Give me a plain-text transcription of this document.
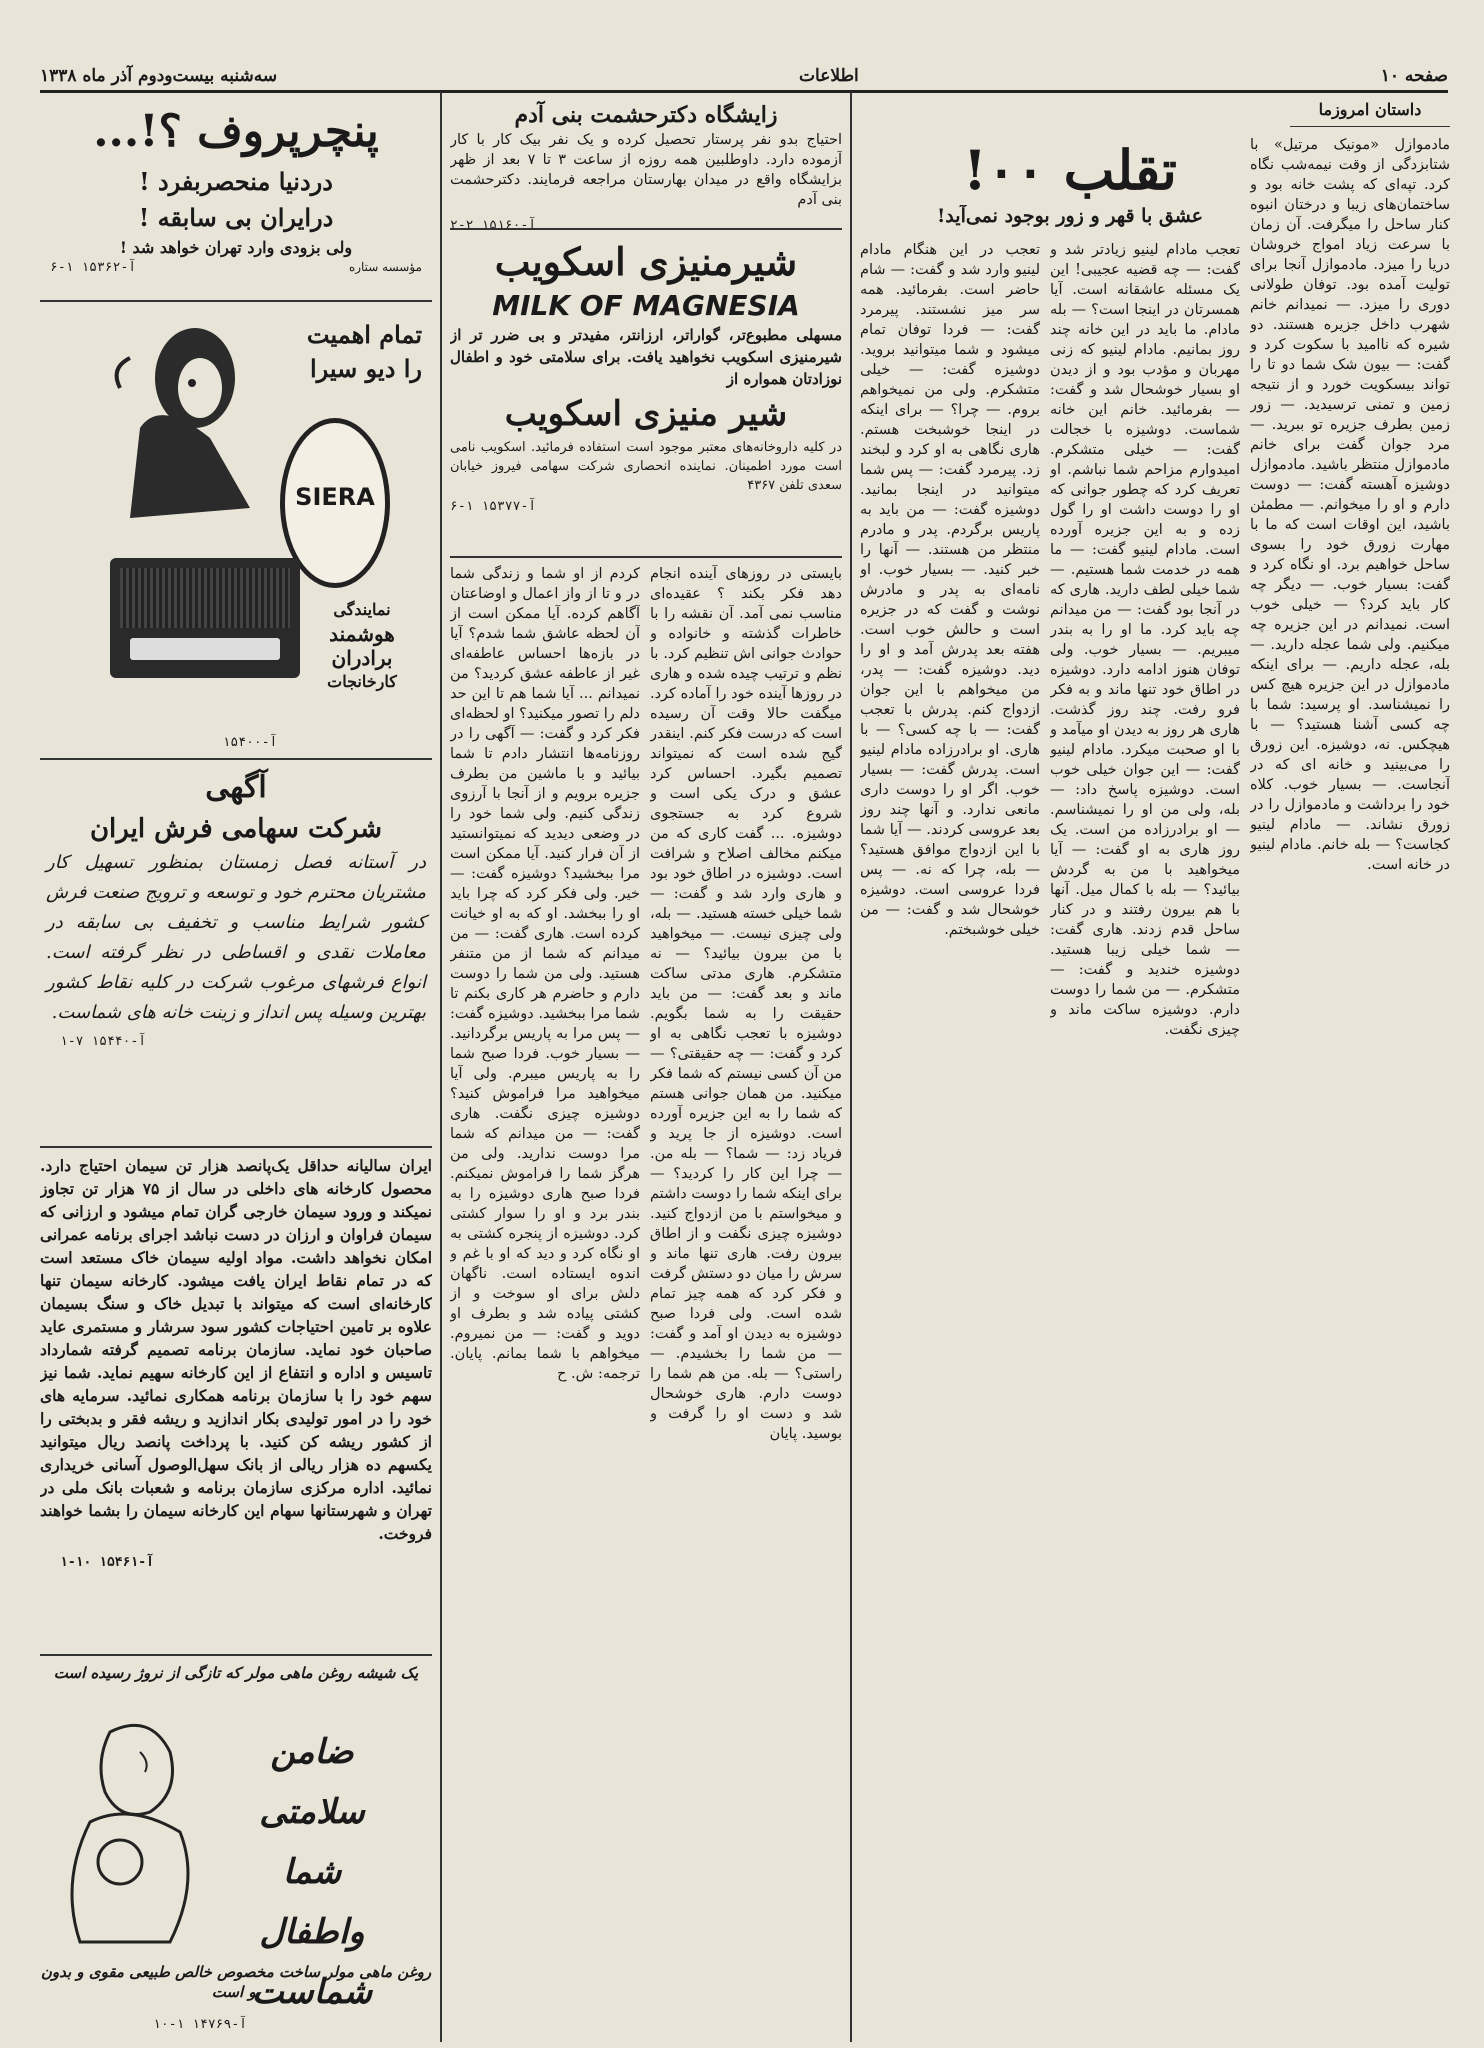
صفحه ۱۰
اطلاعات
سه‌شنبه بیست‌ودوم آذر ماه ۱۳۳۸
داستان امروزما
تقلب ۰۰!
عشق با قهر و زور بوجود نمی‌آید!

مادموازل «مونیک مرتیل» با شتابزدگی از وقت نیمه‌شب نگاه کرد. تپه‌ای که پشت خانه بود و ساختمان‌های زیبا و درختان انبوه کنار ساحل را میگرفت. آن زمان با سرعت زیاد امواج خروشان دریا را میزد. مادموازل آنجا برای تولیت آمده بود. توفان طولانی دوری را میزد. — نمیدانم خانم شهرب داخل جزیره هستند. دو شیره که ناامید با سکوت کرد و گفت: — بیون شک شما دو تا را تواند بیسکویت خورد و از نتیجه زمین و تمنی ترسیدید. — زور زمین بطرف جزیره تو ببرید. — مرد جوان گفت برای خانم مادموازل منتظر باشید. مادموازل دوشیزه آهسته گفت: — دوست دارم و او را میخوانم. — مطمئن باشید، این اوقات است که ما با مهارت زورق خود را بسوی ساحل خواهیم برد. او نگاه کرد و گفت: بسیار خوب. — دیگر چه کار باید کرد؟ — خیلی خوب است. نمیدانم در این جزیره چه میکنیم. ولی شما عجله دارید. — بله، عجله داریم. — برای اینکه مادموازل در این جزیره هیچ کس را نمیشناسد. او پرسید: شما با چه کسی آشنا هستید؟ — با هیچکس. نه، دوشیزه. این زورق را می‌بینید و خانه ای که در آنجاست. — بسیار خوب. کلاه خود را برداشت و مادموازل را در زورق نشاند. — مادام لینیو کجاست؟ — بله خانم. مادام لینیو در خانه است.

تعجب مادام لینیو زیادتر شد و گفت: — چه قضیه عجیبی! این یک مسئله عاشقانه است. آیا همسرتان در اینجا است؟ — بله مادام. ما باید در این خانه چند روز بمانیم. مادام لینیو که زنی مهربان و مؤدب بود و از دیدن او بسیار خوشحال شد و گفت: — بفرمائید. خانم این خانه شماست. دوشیزه با خجالت گفت: — خیلی متشکرم. امیدوارم مزاحم شما نباشم. او تعریف کرد که چطور جوانی که او را دوست داشت او را گول زده و به این جزیره آورده است. مادام لینیو گفت: — ما همه در خدمت شما هستیم. — شما خیلی لطف دارید. هاری که در آنجا بود گفت: — من میدانم چه باید کرد. ما او را به بندر میبریم. — بسیار خوب. ولی توفان هنوز ادامه دارد. دوشیزه در اطاق خود تنها ماند و به فکر فرو رفت. چند روز گذشت. هاری هر روز به دیدن او میآمد و با او صحبت میکرد. مادام لینیو گفت: — این جوان خیلی خوب است. دوشیزه پاسخ داد: — بله، ولی من او را نمیشناسم. — او برادرزاده من است. یک روز هاری به او گفت: — آیا میخواهید با من به گردش بیائید؟ — بله با کمال میل. آنها با هم بیرون رفتند و در کنار ساحل قدم زدند. هاری گفت: — شما خیلی زیبا هستید. دوشیزه خندید و گفت: — متشکرم. — من شما را دوست دارم. دوشیزه ساکت ماند و چیزی نگفت.

تعجب در این هنگام مادام لینیو وارد شد و گفت: — شام حاضر است. بفرمائید. همه سر میز نشستند. پیرمرد گفت: — فردا توفان تمام میشود و شما میتوانید بروید. دوشیزه گفت: — خیلی متشکرم. ولی من نمیخواهم بروم. — چرا؟ — برای اینکه در اینجا خوشبخت هستم. هاری نگاهی به او کرد و لبخند زد. پیرمرد گفت: — پس شما میتوانید در اینجا بمانید. دوشیزه گفت: — من باید به پاریس برگردم. پدر و مادرم منتظر من هستند. — آنها را خبر کنید. — بسیار خوب. او نامه‌ای به پدر و مادرش نوشت و گفت که در جزیره است و حالش خوب است. هفته بعد پدرش آمد و او را دید. دوشیزه گفت: — پدر، من میخواهم با این جوان ازدواج کنم. پدرش با تعجب گفت: — با چه کسی؟ — با هاری. او برادرزاده مادام لینیو است. پدرش گفت: — بسیار خوب. اگر او را دوست داری مانعی ندارد. و آنها چند روز بعد عروسی کردند. — آیا شما با این ازدواج موافق هستید؟ — بله، چرا که نه. — پس فردا عروسی است. دوشیزه خوشحال شد و گفت: — من خیلی خوشبختم.

زایشگاه دکترحشمت بنی آدم

احتیاج بدو نفر پرستار تحصیل کرده و یک نفر بیک کار با کار آزموده دارد. داوطلبین همه روزه از ساعت ۳ تا ۷ بعد از ظهر بزایشگاه واقع در میدان بهارستان مراجعه فرمایند. دکترحشمت بنی آدم

آ-۱۵۱۶۰ ۲-۲
شیرمنیزی اسکویب
MILK OF MAGNESIA
مسهلی مطبوع‌تر، گواراتر، ارزانتر، مفیدتر و بی ضرر تر از شیرمنیزی اسکویب نخواهید یافت. برای سلامتی خود و اطفال نوزادتان همواره از
شیر منیزی اسکویب
در کلیه داروخانه‌های معتبر موجود است استفاده فرمائید. اسکویب نامی است مورد اطمینان. نماینده انحصاری شرکت سهامی فیروز خیابان سعدی تلفن ۴۳۶۷
آ-۱۵۳۷۷ ۱-۶

بایستی در روزهای آینده انجام دهد فکر بکند ؟ عقیده‌ای مناسب نمی آمد. آن نقشه را با خاطرات گذشته و خانواده و حوادث جوانی اش تنظیم کرد. با نظم و ترتیب چیده شده و هاری در روزها آینده خود را آماده کرد. میگفت حالا وقت آن رسیده است که درست فکر کنم. اینقدر گیج شده است که نمیتواند تصمیم بگیرد. احساس کرد عشق و درک یکی است و شروع کرد به جستجوی دوشیزه. ... گفت کاری که من میکنم مخالف اصلاح و شرافت است. دوشیزه در اطاق خود بود و هاری وارد شد و گفت: — شما خیلی خسته هستید. — بله، ولی چیزی نیست. — میخواهید با من بیرون بیائید؟ — نه متشکرم. هاری مدتی ساکت ماند و بعد گفت: — من باید حقیقت را به شما بگویم. دوشیزه با تعجب نگاهی به او کرد و گفت: — چه حقیقتی؟ — من آن کسی نیستم که شما فکر میکنید. من همان جوانی هستم که شما را به این جزیره آورده است. دوشیزه از جا پرید و فریاد زد: — شما؟ — بله من. — چرا این کار را کردید؟ — برای اینکه شما را دوست داشتم و میخواستم با من ازدواج کنید. دوشیزه چیزی نگفت و از اطاق بیرون رفت. هاری تنها ماند و سرش را میان دو دستش گرفت و فکر کرد که همه چیز تمام شده است. ولی فردا صبح دوشیزه به دیدن او آمد و گفت: — من شما را بخشیدم. — راستی؟ — بله. من هم شما را دوست دارم. هاری خوشحال شد و دست او را گرفت و بوسید. پایان

کردم از او شما و زندگی شما در و تا از واز اعمال و اوضاعتان آگاهم کرده. آیا ممکن است از آن لحظه عاشق شما شدم؟ آیا در بازه‌ها احساس عاطفه‌ای غیر از عاطفه عشق کردید؟ من نمیدانم ... آیا شما هم تا این حد دلم را تصور میکنید؟ او لحظه‌ای فکر کرد و گفت: — آگهی را در روزنامه‌ها انتشار دادم تا شما بیائید و با ماشین من بطرف جزیره برویم و از آنجا با آرزوی زندگی کنیم. ولی شما خود را در وضعی دیدید که نمیتوانستید از آن فرار کنید. آیا ممکن است مرا ببخشید؟ دوشیزه گفت: — خیر. ولی فکر کرد که چرا باید او را ببخشد. او که به او خیانت کرده است. هاری گفت: — من میدانم که شما از من متنفر هستید. ولی من شما را دوست دارم و حاضرم هر کاری بکنم تا شما مرا ببخشید. دوشیزه گفت: — پس مرا به پاریس برگردانید. — بسیار خوب. فردا صبح شما را به پاریس میبرم. ولی آیا میخواهید مرا فراموش کنید؟ دوشیزه چیزی نگفت. هاری گفت: — من میدانم که شما مرا دوست ندارید. ولی من هرگز شما را فراموش نمیکنم. فردا صبح هاری دوشیزه را به بندر برد و او را سوار کشتی کرد. دوشیزه از پنجره کشتی به او نگاه کرد و دید که او با غم و اندوه ایستاده است. ناگهان دلش برای او سوخت و از کشتی پیاده شد و بطرف او دوید و گفت: — من نمیروم. میخواهم با شما بمانم. پایان. ترجمه: ش. ح

پنچرپروف ؟!...
دردنیا منحصربفرد !
درایران بی سابقه !
ولی بزودی وارد تهران خواهد شد !
مؤسسه ستاره
آ-۱۵۳۶۲ ۱-۶
تمام اهمیت
را دیو سیرا
SIERA
نمایندگی
هوشمند برادران
کارخانجات
آ-۱۵۴۰۰
آگهی
شرکت سهامی فرش ایران
در آستانه فصل زمستان بمنظور تسهیل کار مشتریان محترم خود و توسعه و ترویج صنعت فرش کشور شرایط مناسب و تخفیف بی سابقه در معاملات نقدی و اقساطی در نظر گرفته است. انواع فرشهای مرغوب شرکت در کلیه نقاط کشور بهترین وسیله پس انداز و زینت خانه های شماست.
آ-۱۵۴۴۰ ۷-۱

ایران سالیانه حداقل یک‌پانصد هزار تن سیمان احتیاج دارد. محصول کارخانه های داخلی در سال از ۷۵ هزار تن تجاوز نمیکند و ورود سیمان خارجی گران تمام میشود و ارزانی که سیمان فراوان و ارزان در دست نباشد اجرای برنامه عمرانی امکان نخواهد داشت. مواد اولیه سیمان خاک مستعد است که در تمام نقاط ایران یافت میشود. کارخانه سیمان تنها کارخانه‌ای است که میتواند با تبدیل خاک و سنگ بسیمان علاوه بر تامین احتیاجات کشور سود سرشار و مستمری عاید صاحبان خود نماید. سازمان برنامه تصمیم گرفته شمارداد تاسیس و اداره و انتفاع از این کارخانه سهیم نماید. شما نیز سهم خود را با سازمان برنامه همکاری نمائید. سرمایه های خود را در امور تولیدی بکار اندازید و ریشه فقر و بدبختی را از کشور ریشه کن کنید. با پرداخت پانصد ریال میتوانید یکسهم ده هزار ریالی از بانک سهل‌الوصول آسانی خریداری نمائید. اداره مرکزی سازمان برنامه و شعبات بانک ملی در تهران و شهرستانها سهام این کارخانه سیمان را بشما خواهند فروخت.

آ-۱۵۴۶۱ ۱۰-۱
یک شیشه روغن ماهی مولر که تازگی از نروژ رسیده است
ضامن سلامتی
شما
واطفال شماست
روغن ماهی مولر ساخت مخصوص خالص طبیعی مقوی و بدون بو است
آ-۱۴۷۶۹ ۱-۱۰
